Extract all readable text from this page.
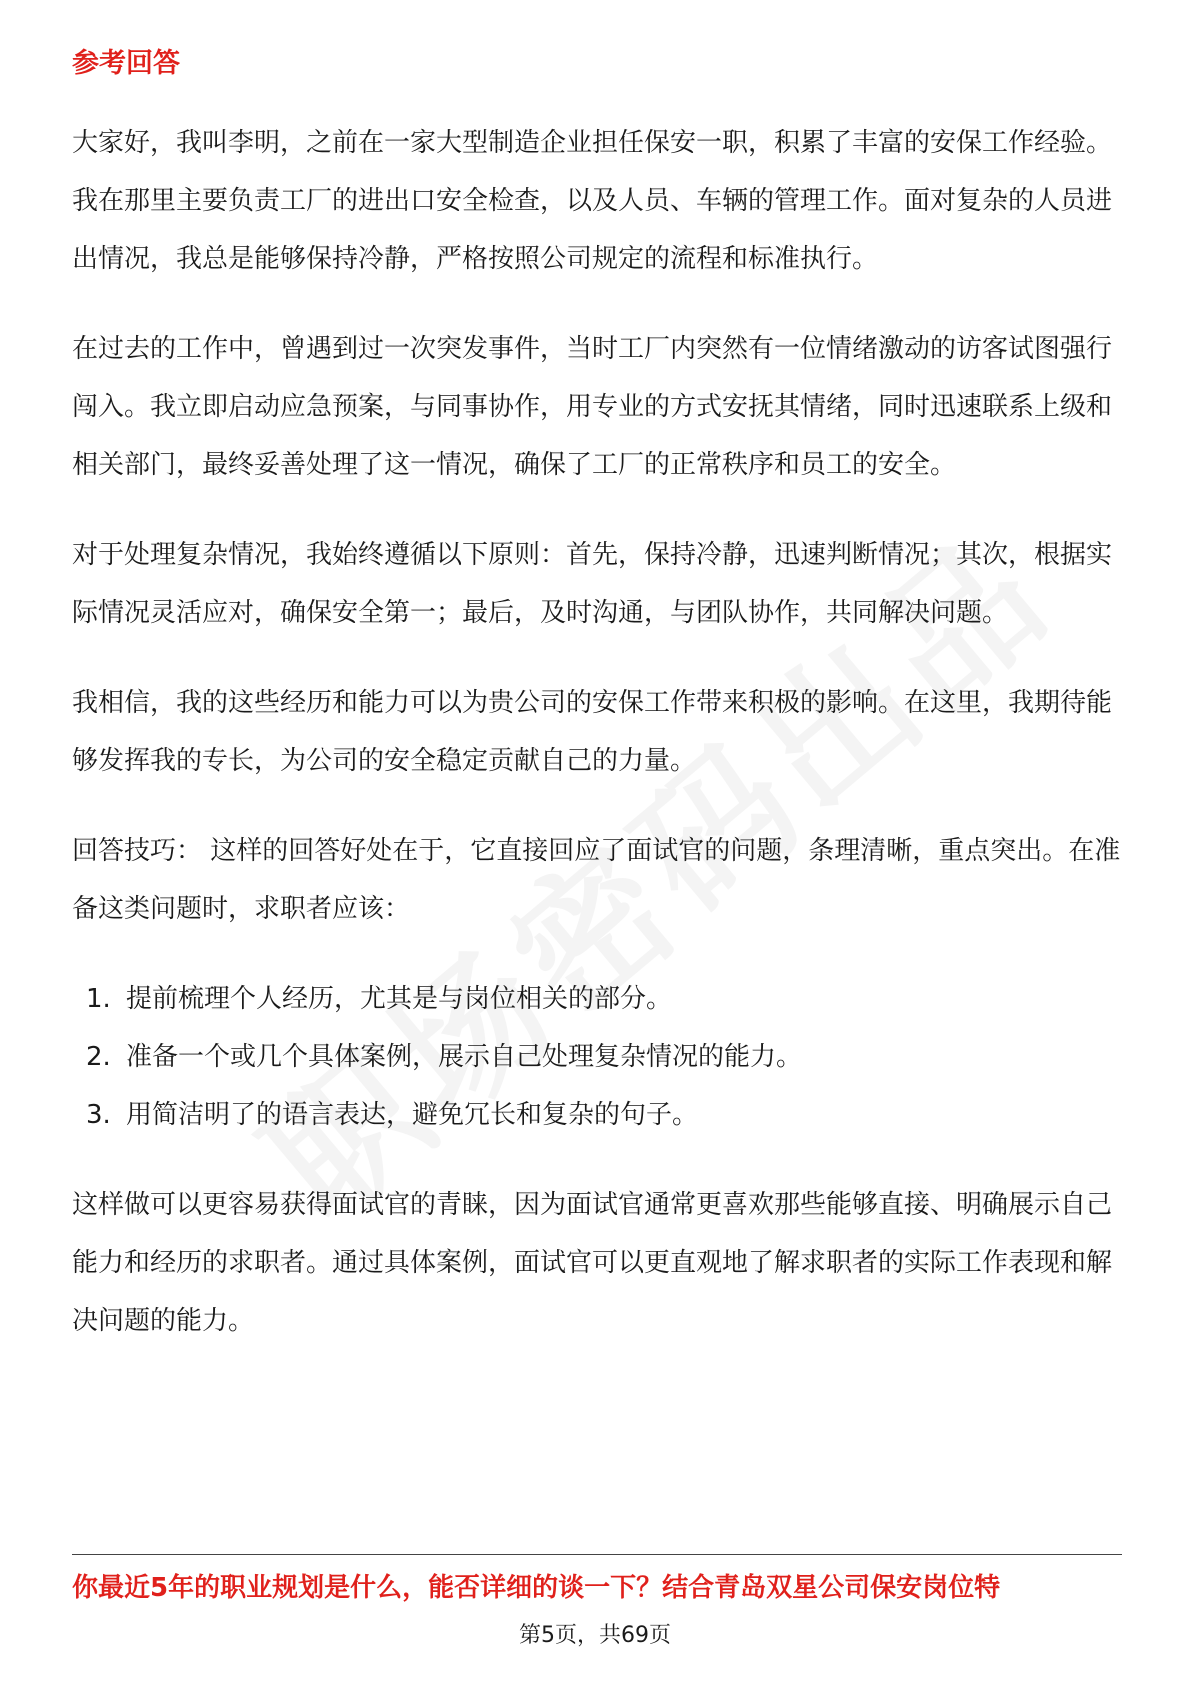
参考回答

大家好，我叫李明，之前在一家大型制造企业担任保安一职，积累了丰富的安保工作经验。我在那里主要负责工厂的进出口安全检查，以及人员、车辆的管理工作。面对复杂的人员进出情况，我总是能够保持冷静，严格按照公司规定的流程和标准执行。

在过去的工作中，曾遇到过一次突发事件，当时工厂内突然有一位情绪激动的访客试图强行闯入。我立即启动应急预案，与同事协作，用专业的方式安抚其情绪，同时迅速联系上级和相关部门，最终妥善处理了这一情况，确保了工厂的正常秩序和员工的安全。

对于处理复杂情况，我始终遵循以下原则：首先，保持冷静，迅速判断情况；其次，根据实际情况灵活应对，确保安全第一；最后，及时沟通，与团队协作，共同解决问题。

我相信，我的这些经历和能力可以为贵公司的安保工作带来积极的影响。在这里，我期待能够发挥我的专长，为公司的安全稳定贡献自己的力量。

回答技巧： 这样的回答好处在于，它直接回应了面试官的问题，条理清晰，重点突出。在准备这类问题时，求职者应该：

1. 提前梳理个人经历，尤其是与岗位相关的部分。
2. 准备一个或几个具体案例，展示自己处理复杂情况的能力。
3. 用简洁明了的语言表达，避免冗长和复杂的句子。

这样做可以更容易获得面试官的青睐，因为面试官通常更喜欢那些能够直接、明确展示自己能力和经历的求职者。通过具体案例，面试官可以更直观地了解求职者的实际工作表现和解决问题的能力。

你最近5年的职业规划是什么，能否详细的谈一下？结合青岛双星公司保安岗位特
第5页，共69页
